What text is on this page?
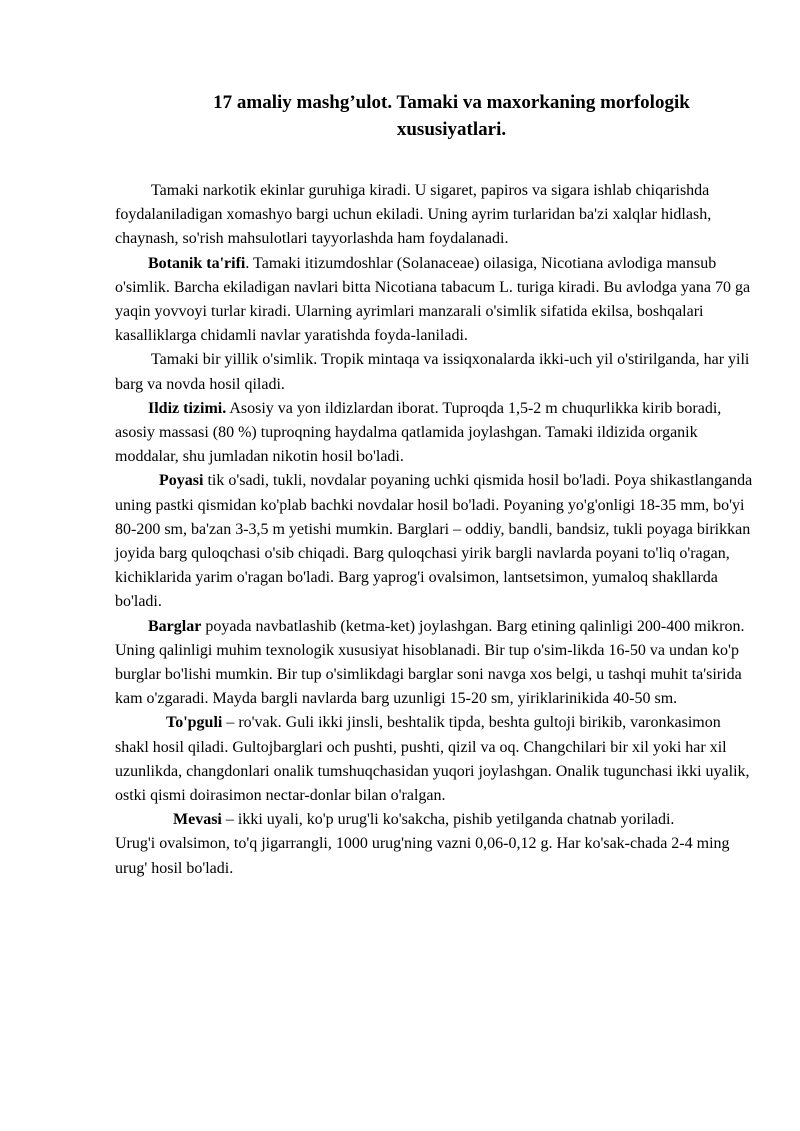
17 amaliy mashg’ulot. Tamaki va maxorkaning morfologik
xususiyatlari.

Tamaki narkotik ekinlar guruhiga kiradi. U sigaret, papiros va sigara ishlab chiqarishda foydalaniladigan xomashyo bargi uchun ekiladi. Uning ayrim turlaridan ba'zi xalqlar hidlash, chaynash, so'rish mahsulotlari tayyorlashda ham foydalanadi.

Botanik ta'rifi. Tamaki itizumdoshlar (Solanaceae) oilasiga, Nicotiana avlodiga mansub o'simlik. Barcha ekiladigan navlari bitta Nicotiana tabacum L. turiga kiradi. Bu avlodga yana 70 ga yaqin yovvoyi turlar kiradi. Ularning ayrimlari manzarali o'simlik sifatida ekilsa, boshqalari kasalliklarga chidamli navlar yaratishda foyda-laniladi.

Tamaki bir yillik o'simlik. Tropik mintaqa va issiqxonalarda ikki-uch yil o'stirilganda, har yili barg va novda hosil qiladi.

Ildiz tizimi. Asosiy va yon ildizlardan iborat. Tuproqda 1,5-2 m chuqurlikka kirib boradi, asosiy massasi (80 %) tuproqning haydalma qatlamida joylashgan. Tamaki ildizida organik moddalar, shu jumladan nikotin hosil bo'ladi.

Poyasi tik o'sadi, tukli, novdalar poyaning uchki qismida hosil bo'ladi. Poya shikastlanganda uning pastki qismidan ko'plab bachki novdalar hosil bo'ladi. Poyaning yo'g'onligi 18-35 mm, bo'yi 80-200 sm, ba'zan 3-3,5 m yetishi mumkin. Barglari – oddiy, bandli, bandsiz, tukli poyaga birikkan joyida barg quloqchasi o'sib chiqadi. Barg quloqchasi yirik bargli navlarda poyani to'liq o'ragan, kichiklarida yarim o'ragan bo'ladi. Barg yaprog'i ovalsimon, lantsetsimon, yumaloq shakllarda bo'ladi.

Barglar poyada navbatlashib (ketma-ket) joylashgan. Barg etining qalinligi 200-400 mikron. Uning qalinligi muhim texnologik xususiyat hisoblanadi. Bir tup o'sim-likda 16-50 va undan ko'p burglar bo'lishi mumkin. Bir tup o'simlikdagi barglar soni navga xos belgi, u tashqi muhit ta'sirida kam o'zgaradi. Mayda bargli navlarda barg uzunligi 15-20 sm, yiriklarinikida 40-50 sm.

To'pguli – ro'vak. Guli ikki jinsli, beshtalik tipda, beshta gultoji birikib, varonkasimon shakl hosil qiladi. Gultojbarglari och pushti, pushti, qizil va oq. Changchilari bir xil yoki har xil uzunlikda, changdonlari onalik tumshuqchasidan yuqori joylashgan. Onalik tugunchasi ikki uyalik, ostki qismi doirasimon nectar-donlar bilan o'ralgan.

Mevasi – ikki uyali, ko'p urug'li ko'sakcha, pishib yetilganda chatnab yoriladi.

Urug'i ovalsimon, to'q jigarrangli, 1000 urug'ning vazni 0,06-0,12 g. Har ko'sak-chada 2-4 ming urug' hosil bo'ladi.
